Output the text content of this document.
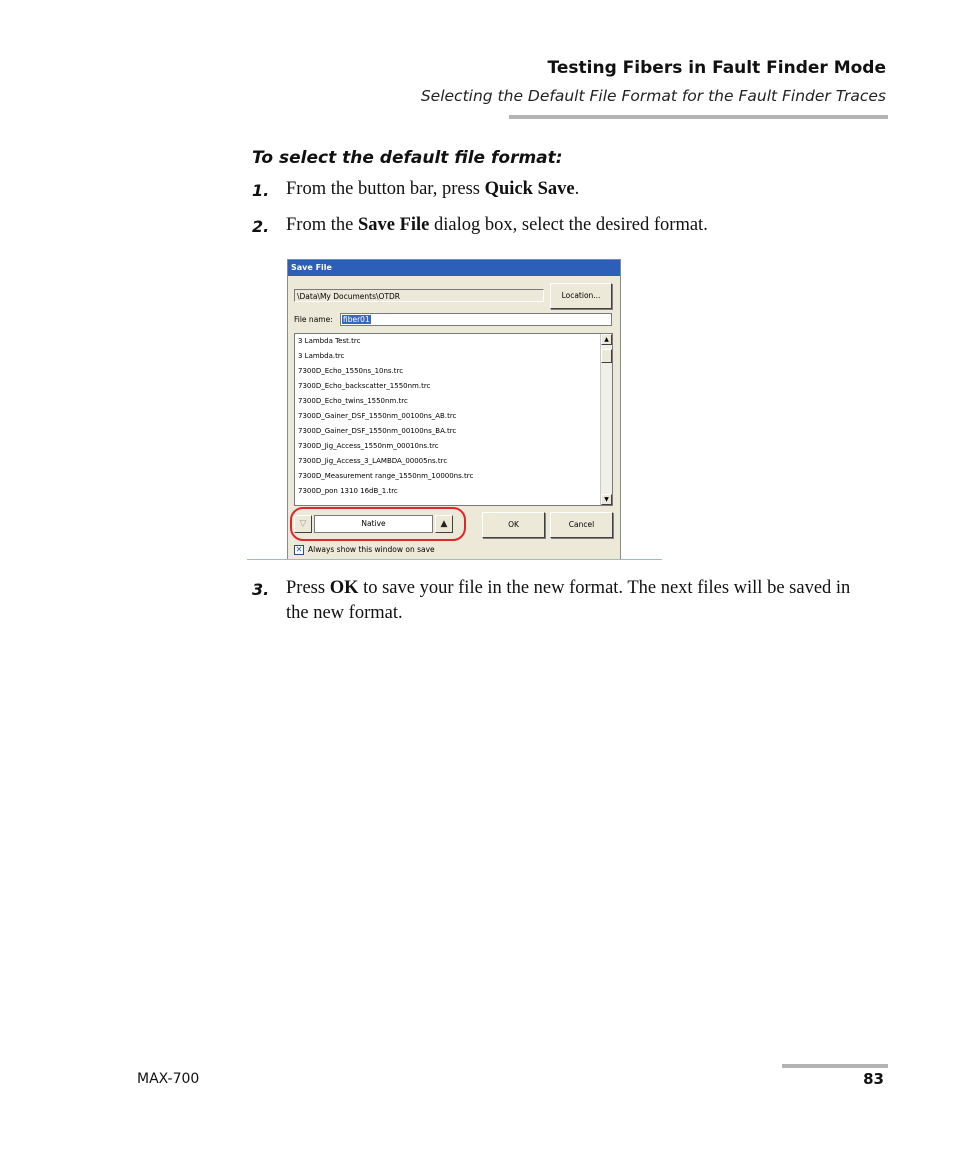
Testing Fibers in Fault Finder Mode
Selecting the Default File Format for the Fault Finder Traces
To select the default file format:
1. From the button bar, press Quick Save.
2. From the Save File dialog box, select the desired format.
Save File
\Data\My Documents\OTDR	Location...
File name:	fiber01
3 Lambda Test.trc
3 Lambda.trc
7300D_Echo_1550ns_10ns.trc
7300D_Echo_backscatter_1550nm.trc
7300D_Echo_twins_1550nm.trc
7300D_Gainer_DSF_1550nm_00100ns_AB.trc
7300D_Gainer_DSF_1550nm_00100ns_BA.trc
7300D_Jig_Access_1550nm_00010ns.trc
7300D_Jig_Access_3_LAMBDA_00005ns.trc
7300D_Measurement range_1550nm_10000ns.trc
7300D_pon 1310 16dB_1.trc
▲
▼
▽	Native	▲	OK	Cancel
✕ Always show this window on save
3. Press OK to save your file in the new format. The next files will be saved in the new format.
MAX-700	83
